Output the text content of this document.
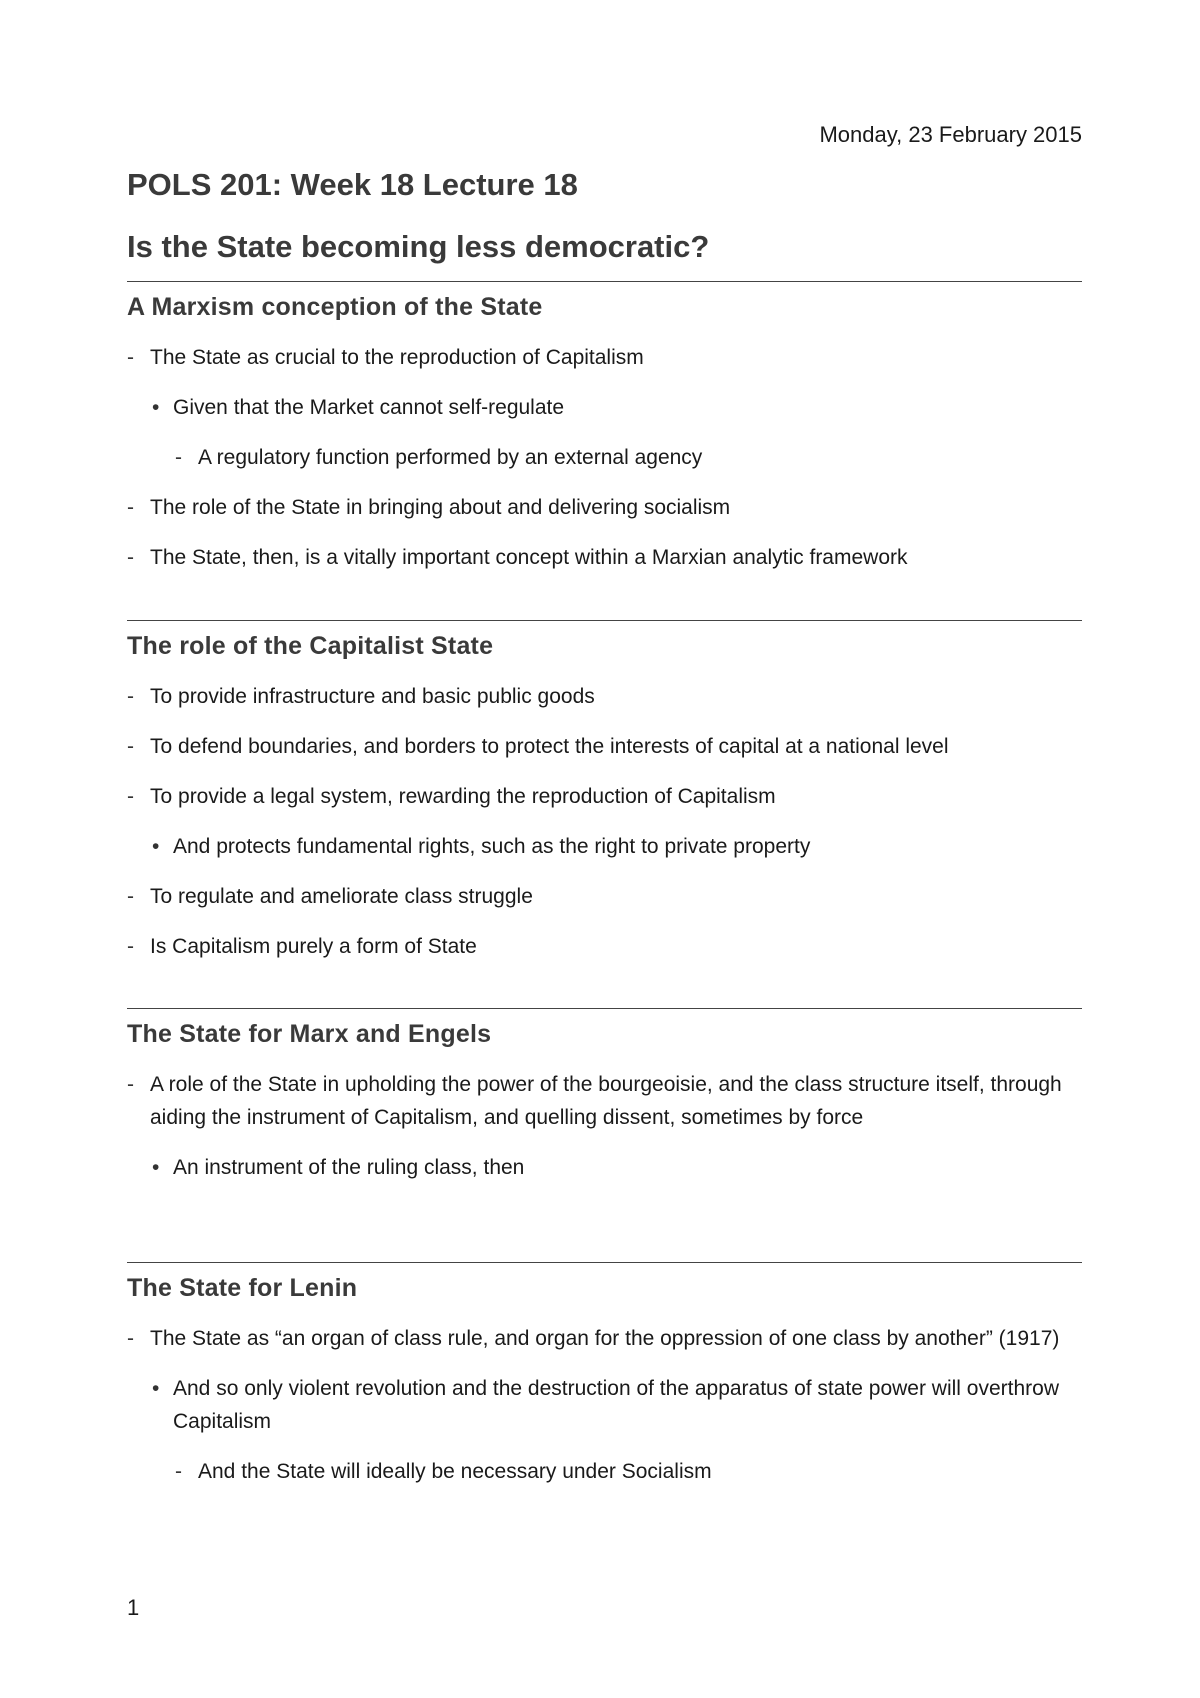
Monday, 23 February 2015
POLS 201: Week 18 Lecture 18
Is the State becoming less democratic?
A Marxism conception of the State
- The State as crucial to the reproduction of Capitalism
• Given that the Market cannot self-regulate
- A regulatory function performed by an external agency
- The role of the State in bringing about and delivering socialism
- The State, then, is a vitally important concept within a Marxian analytic framework
The role of the Capitalist State
- To provide infrastructure and basic public goods
- To defend boundaries, and borders to protect the interests of capital at a national level
- To provide a legal system, rewarding the reproduction of Capitalism
• And protects fundamental rights, such as the right to private property
- To regulate and ameliorate class struggle
- Is Capitalism purely a form of State
The State for Marx and Engels
- A role of the State in upholding the power of the bourgeoisie, and the class structure itself, through aiding the instrument of Capitalism, and quelling dissent, sometimes by force
• An instrument of the ruling class, then
The State for Lenin
- The State as “an organ of class rule, and organ for the oppression of one class by another” (1917)
• And so only violent revolution and the destruction of the apparatus of state power will overthrow Capitalism
- And the State will ideally be necessary under Socialism
1
